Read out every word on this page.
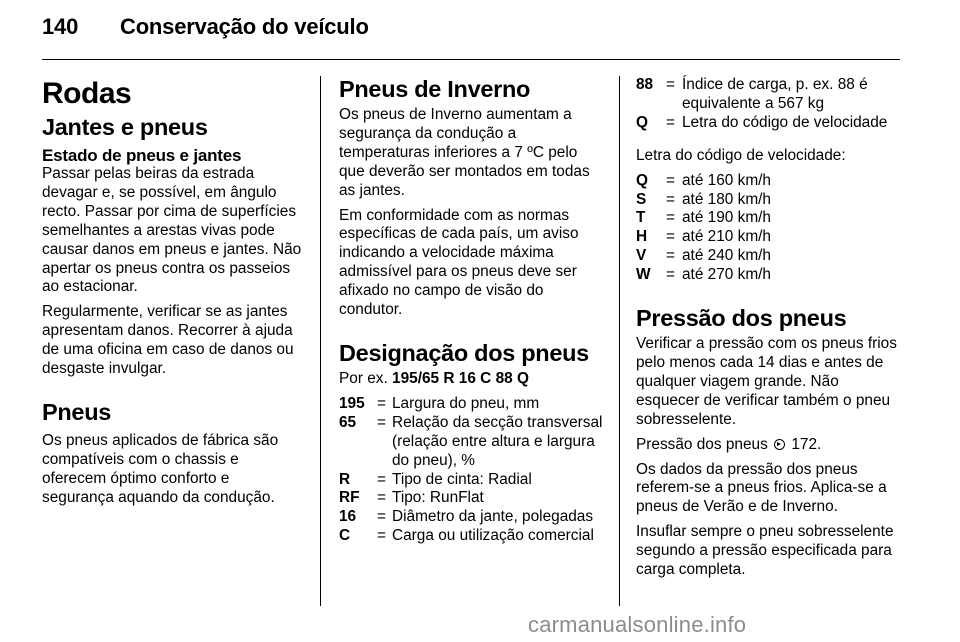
140 Conservação do veículo
Rodas
Jantes e pneus
Estado de pneus e jantes

Passar pelas beiras da estrada devagar e, se possível, em ângulo recto. Passar por cima de superfícies semelhantes a arestas vivas pode causar danos em pneus e jantes. Não apertar os pneus contra os passeios ao estacionar.

Regularmente, verificar se as jantes apresentam danos. Recorrer à ajuda de uma oficina em caso de danos ou desgaste invulgar.

Pneus

Os pneus aplicados de fábrica são compatíveis com o chassis e oferecem óptimo conforto e segurança aquando da condução.

Pneus de Inverno

Os pneus de Inverno aumentam a segurança da condução a temperaturas inferiores a 7 ºC pelo que deverão ser montados em todas as jantes.

Em conformidade com as normas específicas de cada país, um aviso indicando a velocidade máxima admissível para os pneus deve ser afixado no campo de visão do condutor.

Designação dos pneus

Por ex. 195/65 R 16 C 88 Q

195 = Largura do pneu, mm
65	= Relação da secção transversal (relação entre altura e largura do pneu), %
R	= Tipo de cinta: Radial
RF	= Tipo: RunFlat
16	= Diâmetro da jante, polegadas
C	= Carga ou utilização comercial
88 = Índice de carga, p. ex. 88 é equivalente a 567 kg
Q	= Letra do código de velocidade

Letra do código de velocidade:

Q	= até 160 km/h
S	= até 180 km/h
T	= até 190 km/h
H	= até 210 km/h
V	= até 240 km/h
W	= até 270 km/h
Pressão dos pneus

Verificar a pressão com os pneus frios pelo menos cada 14 dias e antes de qualquer viagem grande. Não esquecer de verificar também o pneu sobresselente.

Pressão dos pneus 172.

Os dados da pressão dos pneus referem-se a pneus frios. Aplica-se a pneus de Verão e de Inverno.

Insuflar sempre o pneu sobresselente segundo a pressão especificada para carga completa.

carmanualsonline.info
